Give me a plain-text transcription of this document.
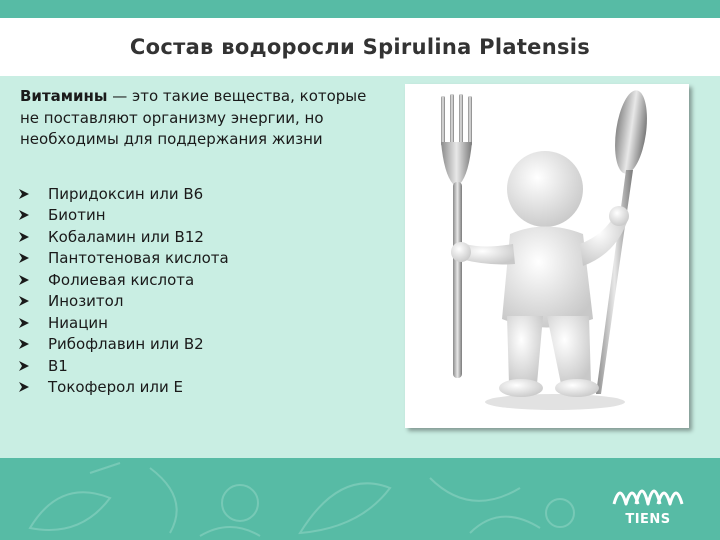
Состав водоросли Spirulina Platensis
Витамины — это такие вещества, которые не поставляют организму энергии, но необходимы для поддержания жизни
Пиридоксин или В6
Биотин
Кобаламин или В12
Пантотеновая кислота
Фолиевая кислота
Инозитол
Ниацин
Рибофлавин или В2
В1
Токоферол или Е
TIENS
